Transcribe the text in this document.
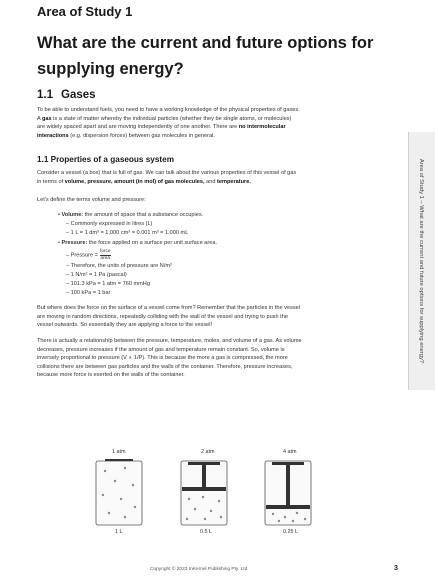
Area of Study 1
What are the current and future options for
supplying energy?
1.1 Gases
To be able to understand fuels, you need to have a working knowledge of the physical properties of gases.
A gas is a state of matter whereby the individual particles (whether they be single atoms, or molecules)
are widely spaced apart and are moving independently of one another. There are no intermolecular
interactions (e.g. dispersion forces) between gas molecules in general.
1.1 Properties of a gaseous system
Consider a vessel (a box) that is full of gas. We can talk about the various properties of this vessel of gas
in terms of volume, pressure, amount (in mol) of gas molecules, and temperature.
Let's define the terms volume and pressure:
• Volume: the amount of space that a substance occupies.
– Commonly expressed in litres (L)
– 1 L = 1 dm³ = 1,000 cm³ = 0.001 m³ = 1,000 mL
• Pressure: the force applied on a surface per unit surface area.
– Pressure = $\frac{\text{force}}{\text{area}}$
– Therefore, the units of pressure are N/m²
– 1 N/m² = 1 Pa (pascal)
– 101.3 kPa = 1 atm = 760 mmHg
– 100 kPa = 1 bar
But where does the force on the surface of a vessel come from? Remember that the particles in the vessel
are moving in random directions, repeatedly colliding with the wall of the vessel and trying to push the
vessel outwards. So essentially they are applying a force to the vessel!
There is actually a relationship between the pressure, temperature, moles, and volume of a gas. As volume
decreases, pressure increases if the amount of gas and temperature remain constant. So, volume is
inversely proportional to pressure (V ∝ 1/P). This is because the more a gas is compressed, the more
collisions there are between gas particles and the walls of the container. Therefore, pressure increases,
because more force is exerted on the walls of the container.
1 atm	2 atm	4 atm
1 L	0.5 L	0.25 L
Area of Study 1 – What are the current and future options for supplying energy?
Copyright © 2023 InKernel Publishing Pty. Ltd.	3
